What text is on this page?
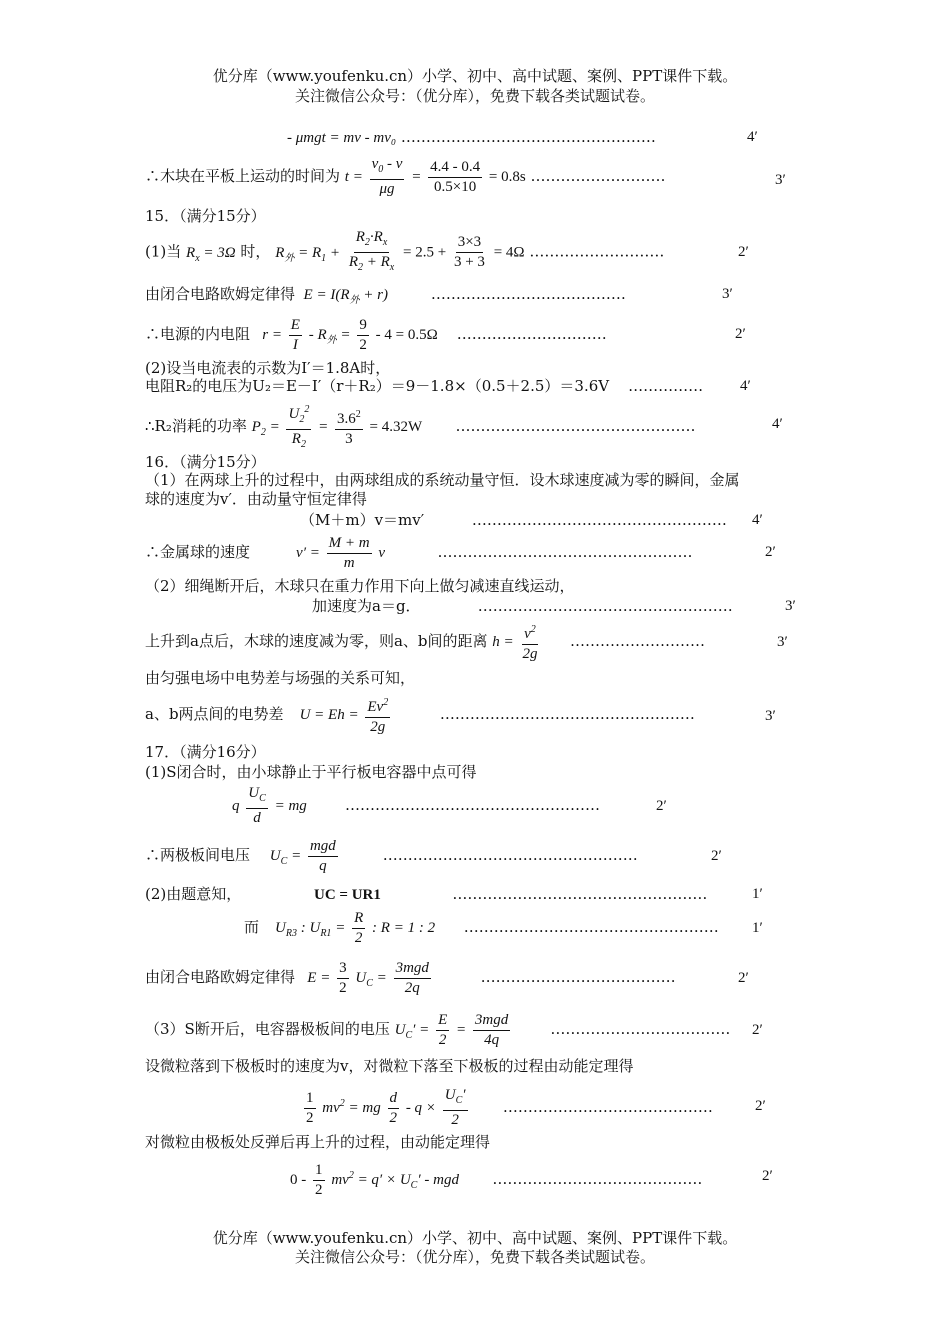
优分库（www.youfenku.cn）小学、初中、高中试题、案例、PPT课件下载。
关注微信公众号：（优分库），免费下载各类试题试卷。
- μmgt = mv - mv₀ ……………………………………………	4′
∴木块在平板上运动的时间为 $t = \frac{v_0 - v}{\mu g} = \frac{4.4 - 0.4}{0.5\times 10} = 0.8s$ ………………………	3′
15．（满分15分）
(1)当 $R_x = 3\Omega$ 时， $R_外 = R_1 + \frac{R_2\cdot R_x}{R_2 + R_x} = 2.5 + \frac{3\times 3}{3 + 3} = 4\Omega$ ………………………	2′
由闭合电路欧姆定律得  $E = I(R_外 + r)$         …………………………………	3′
∴电源的内电阻   $r = \frac{E}{I} - R_外 = \frac{9}{2} - 4 = 0.5\Omega$    …………………………	2′
(2)设当电流表的示数为I′＝1.8A时，
电阻R₂的电压为U₂＝E－I′（r＋R₂）＝9－1.8×（0.5＋2.5）＝3.6V    …………… 4′
∴R₂消耗的功率 $P_2 = \frac{U_2^2}{R_2} = \frac{3.6^2}{3} = 4.32W$       …………………………………………	4′
16．（满分15分）
（1）在两球上升的过程中，由两球组成的系统动量守恒．设木球速度减为零的瞬间，金属
球的速度为v′．由动量守恒定律得
（M＋m）v＝mv′          …………………………………………… 4′
∴金属球的速度            $v' = \frac{M + m}{m}$ v           ……………………………………………	2′
（2）细绳断开后，木球只在重力作用下向上做匀减速直线运动，
加速度为a＝g．            ……………………………………………	3′
上升到a点后，木球的速度减为零，则a、b间的距离 $h = \frac{v^2}{2g}$ ………………………	3′
由匀强电场中电势差与场强的关系可知，
a、b两点间的电势差    $U = Eh = \frac{Ev^2}{2g}$ ……………………………………………	3′
17．（满分16分）
(1)S闭合时，由小球静止于平行板电容器中点可得
q $\frac{U_C}{d}$ = mg        ……………………………………………	2′
∴两极板间电压     $U_C = \frac{\text{mgd}}{q}$ ……………………………………………	2′
(2)由题意知，	UC = UR1               ……………………………………………	1′
而    $U_{R3}$ : $U_{R1} = \frac{R}{2}$ : R = 1 : 2      …………………………………………… 1′
由闭合电路欧姆定律得   $E = \frac{3}{2} U_C = \frac{\text{3mgd}}{2q}$ …………………………………	2′
（3）S断开后，电容器极板间的电压 $U_C' = \frac{E}{2} = \frac{\text{3mgd}}{4q}$ ……………………………… 2′
设微粒落到下极板时的速度为v，对微粒下落至下极板的过程由动能定理得
$\frac{1}{2} mv^2$ = mg $\frac{d}{2} - q \times \frac{U_C'}{2}$ ……………………………………	2′
对微粒由极板处反弹后再上升的过程，由动能定理得
$0 - \frac{1}{2} mv^2 = q' \times U_C'$ - mgd       ……………………………………	2′
优分库（www.youfenku.cn）小学、初中、高中试题、案例、PPT课件下载。
关注微信公众号：（优分库），免费下载各类试题试卷。
